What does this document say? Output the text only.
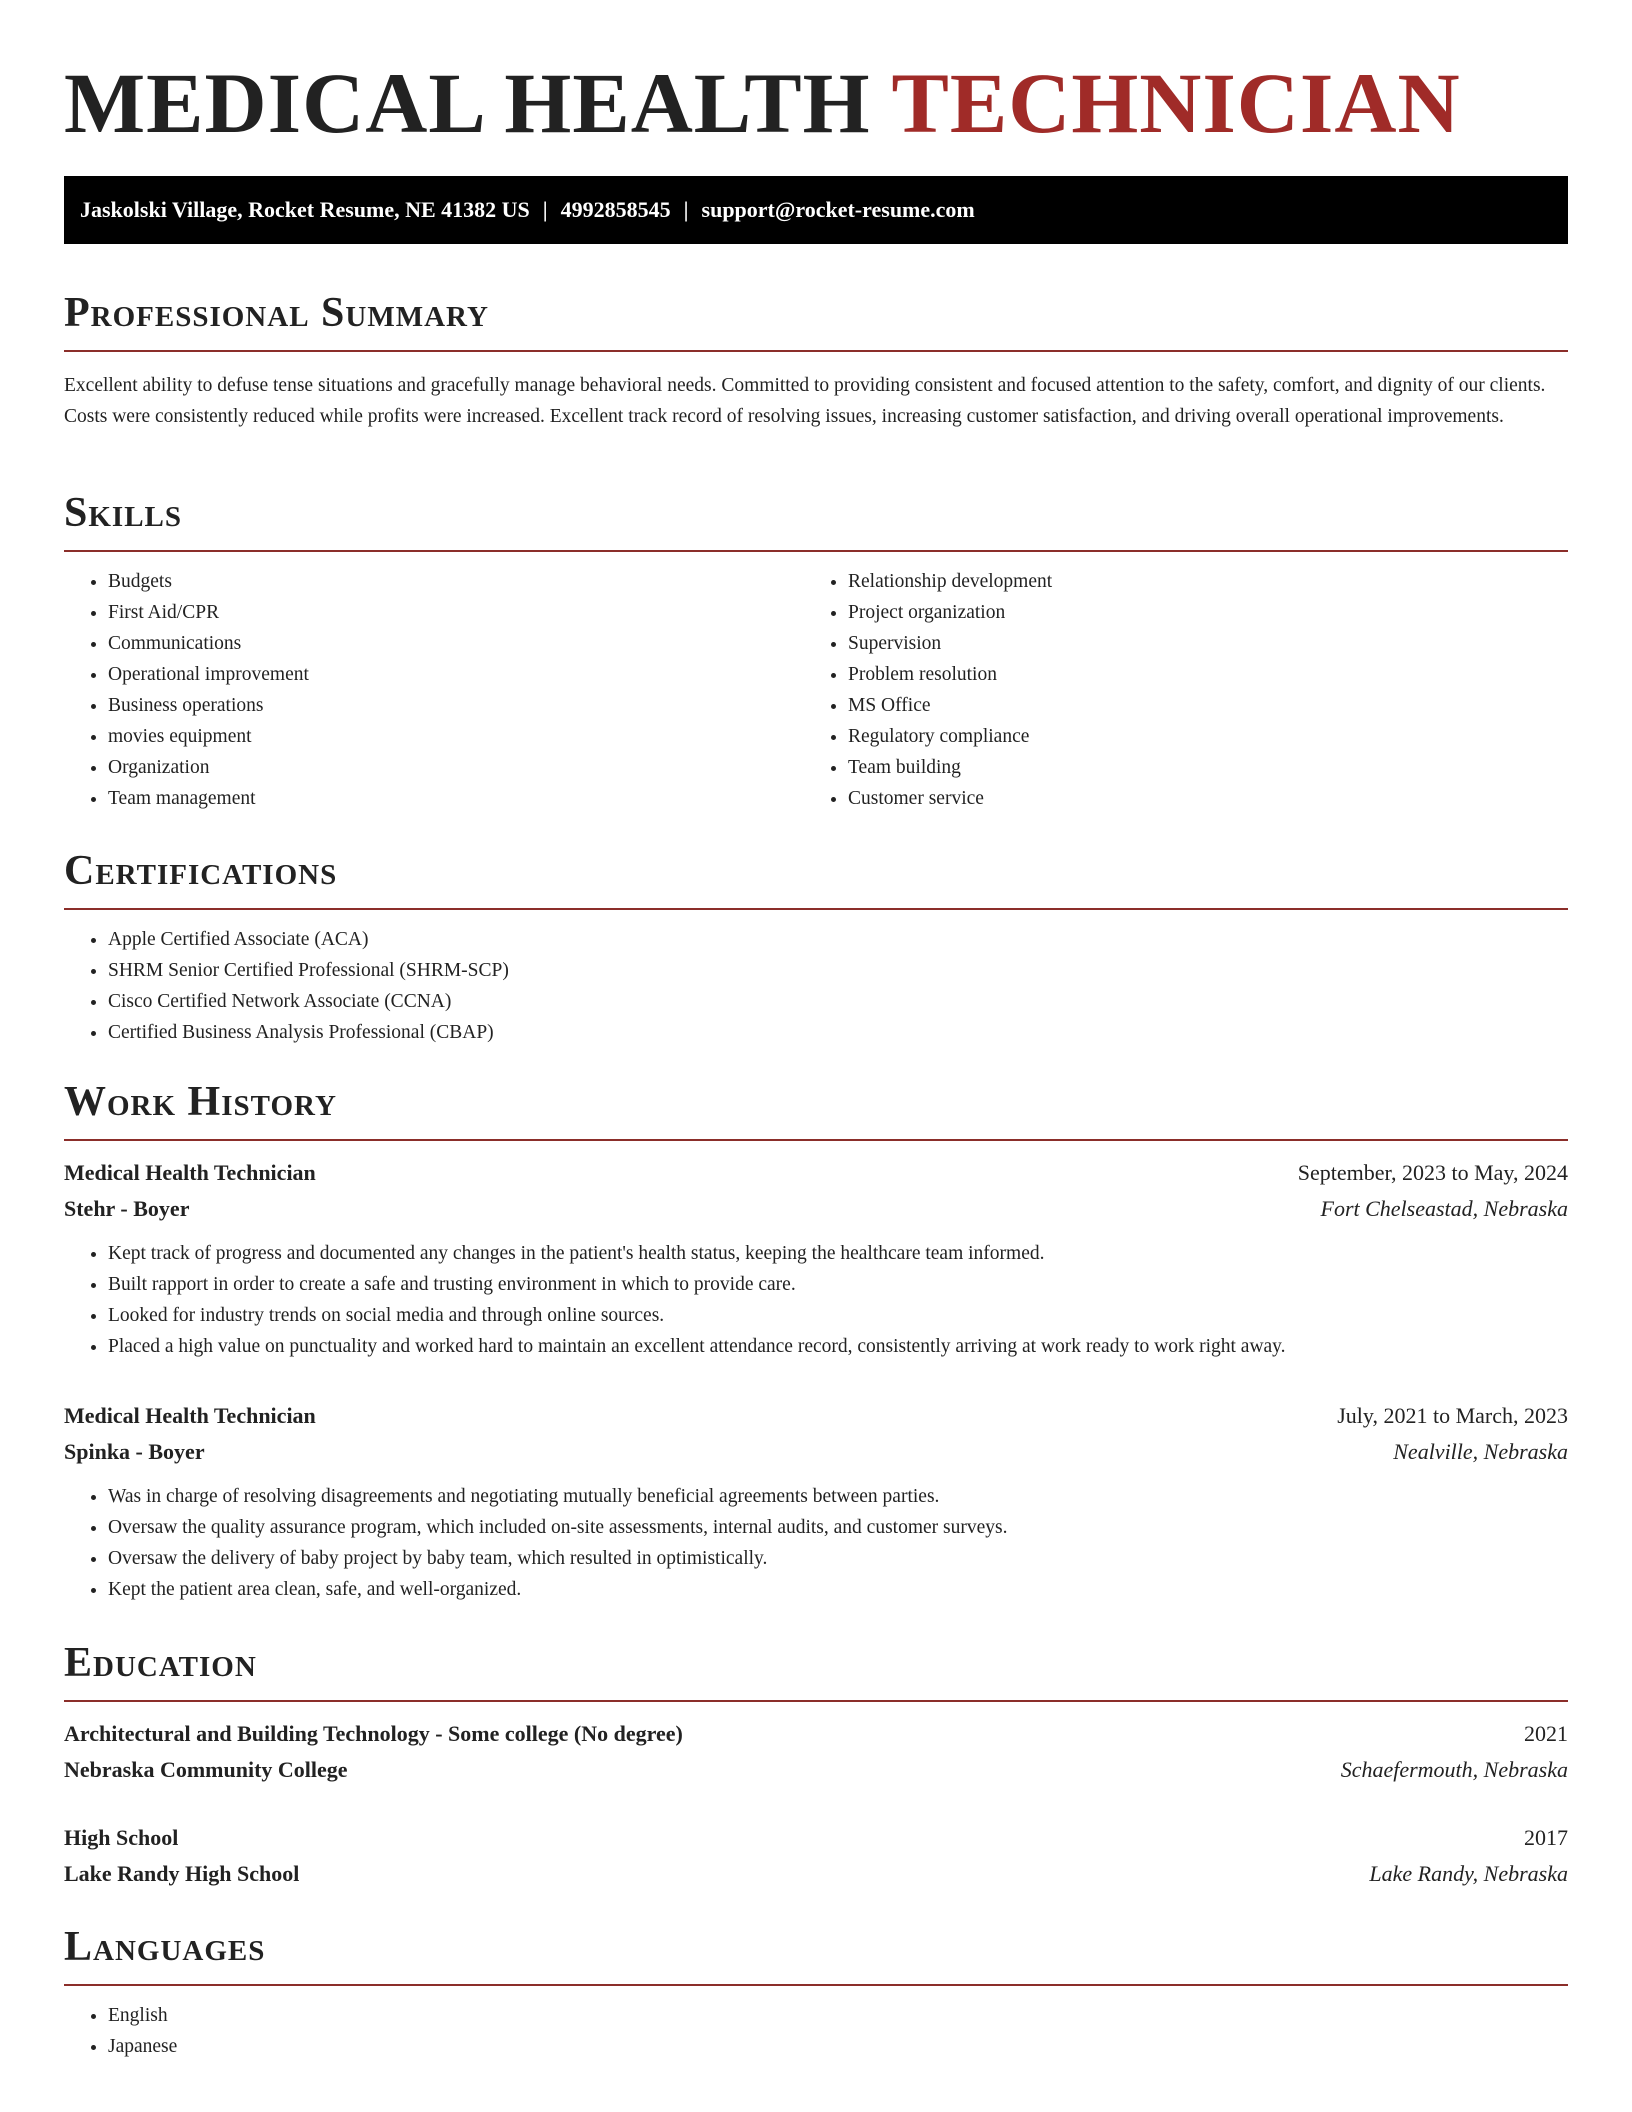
MEDICAL HEALTH TECHNICIAN
Jaskolski Village, Rocket Resume, NE 41382 US | 4992858545 | support@rocket-resume.com
Professional Summary

Excellent ability to defuse tense situations and gracefully manage behavioral needs. Committed to providing consistent and focused attention to the safety, comfort, and dignity of our clients. Costs were consistently reduced while profits were increased. Excellent track record of resolving issues, increasing customer satisfaction, and driving overall operational improvements.

Skills
• Budgets
• First Aid/CPR
• Communications
• Operational improvement
• Business operations
• movies equipment
• Organization
• Team management
• Relationship development
• Project organization
• Supervision
• Problem resolution
• MS Office
• Regulatory compliance
• Team building
• Customer service
Certifications
• Apple Certified Associate (ACA)
• SHRM Senior Certified Professional (SHRM-SCP)
• Cisco Certified Network Associate (CCNA)
• Certified Business Analysis Professional (CBAP)
Work History
Medical Health Technician	September, 2023 to May, 2024
Stehr - Boyer	Fort Chelseastad, Nebraska
• Kept track of progress and documented any changes in the patient's health status, keeping the healthcare team informed.
• Built rapport in order to create a safe and trusting environment in which to provide care.
• Looked for industry trends on social media and through online sources.
• Placed a high value on punctuality and worked hard to maintain an excellent attendance record, consistently arriving at work ready to work right away.
Medical Health Technician	July, 2021 to March, 2023
Spinka - Boyer	Nealville, Nebraska
• Was in charge of resolving disagreements and negotiating mutually beneficial agreements between parties.
• Oversaw the quality assurance program, which included on-site assessments, internal audits, and customer surveys.
• Oversaw the delivery of baby project by baby team, which resulted in optimistically.
• Kept the patient area clean, safe, and well-organized.
Education
Architectural and Building Technology - Some college (No degree)	2021
Nebraska Community College	Schaefermouth, Nebraska
High School	2017
Lake Randy High School	Lake Randy, Nebraska
Languages
• English
• Japanese
